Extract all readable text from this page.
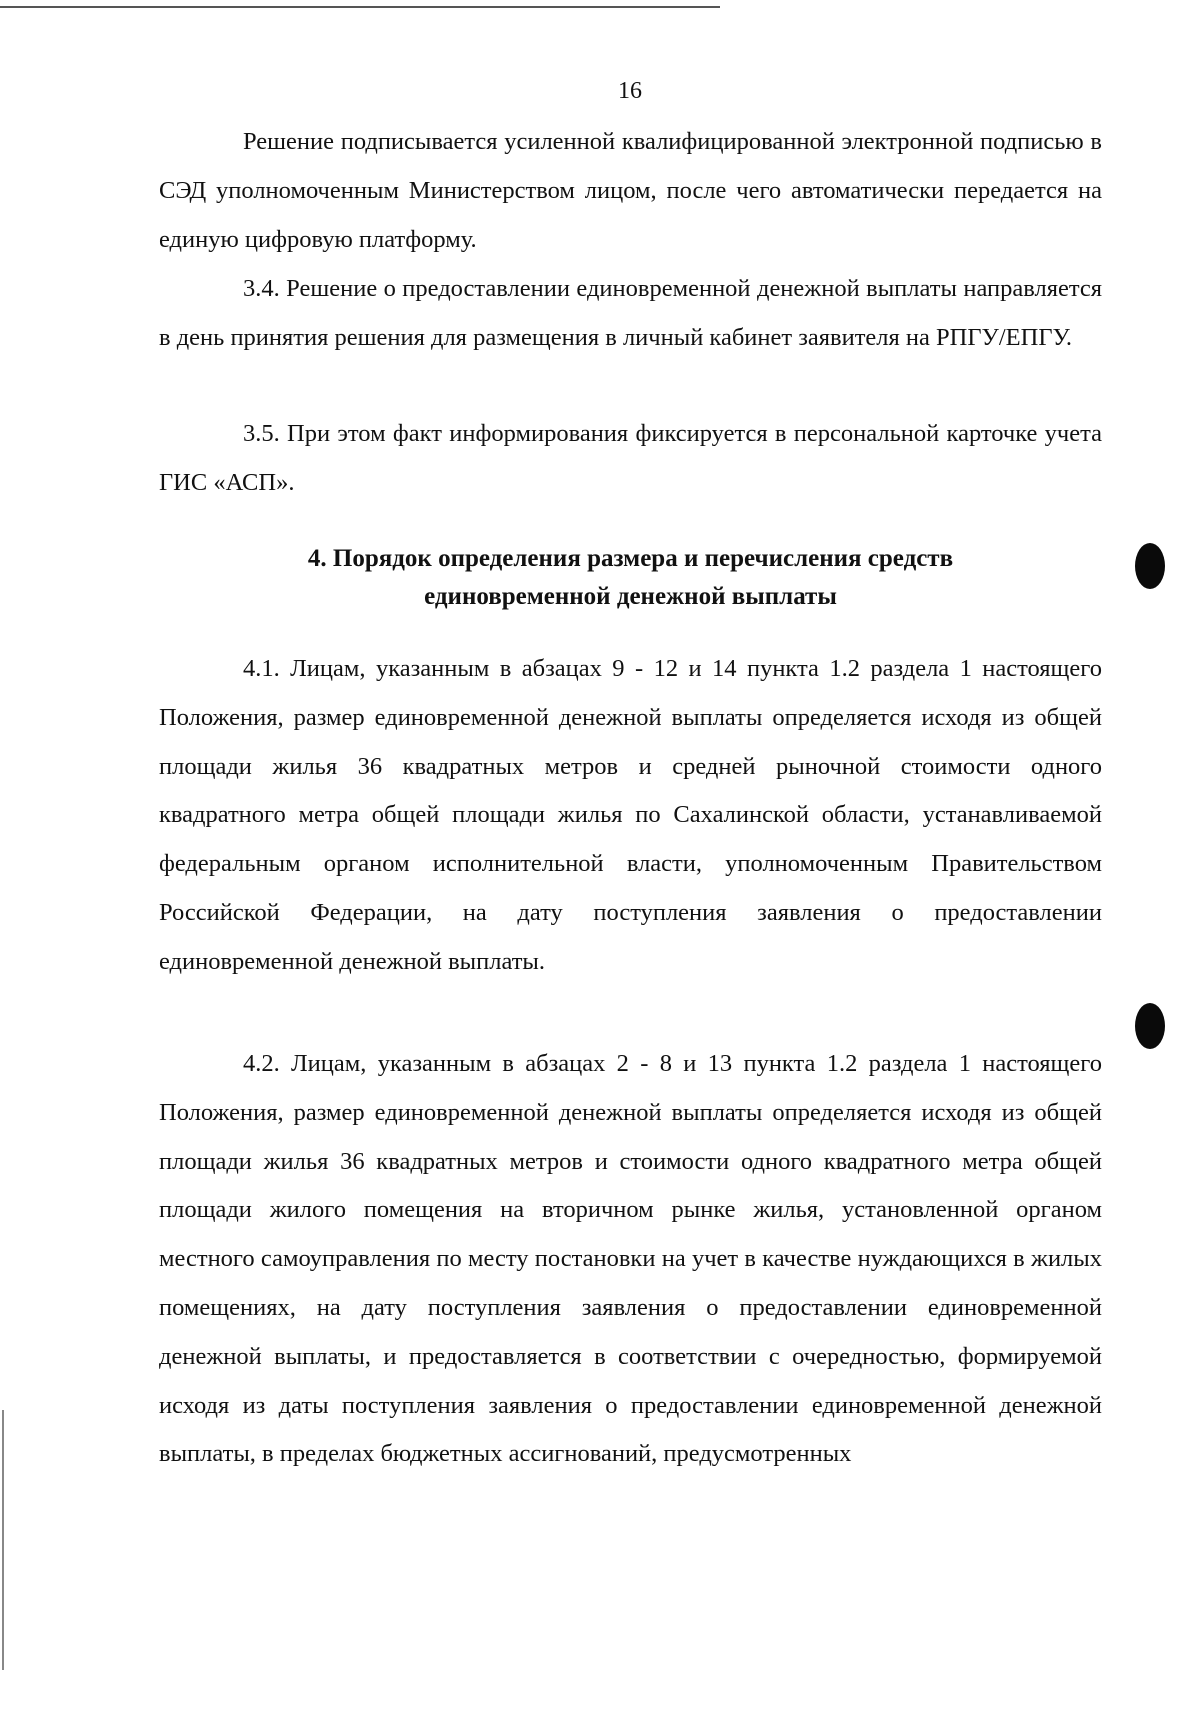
16

Решение подписывается усиленной квалифицированной электронной подписью в СЭД уполномоченным Министерством лицом, после чего автоматически передается на единую цифровую платформу.

3.4. Решение о предоставлении единовременной денежной выплаты направляется в день принятия решения для размещения в личный кабинет заявителя на РПГУ/ЕПГУ.

3.5. При этом факт информирования фиксируется в персональной карточке учета ГИС «АСП».

4. Порядок определения размера и перечисления средств
единовременной денежной выплаты

4.1. Лицам, указанным в абзацах 9 - 12 и 14 пункта 1.2 раздела 1 настоящего Положения, размер единовременной денежной выплаты определяется исходя из общей площади жилья 36 квадратных метров и средней рыночной стоимости одного квадратного метра общей площади жилья по Сахалинской области, устанавливаемой федеральным органом исполнительной власти, уполномоченным Правительством Российской Федерации, на дату поступления заявления о предоставлении единовременной денежной выплаты.

4.2. Лицам, указанным в абзацах 2 - 8 и 13 пункта 1.2 раздела 1 настоящего Положения, размер единовременной денежной выплаты определяется исходя из общей площади жилья 36 квадратных метров и стоимости одного квадратного метра общей площади жилого помещения на вторичном рынке жилья, установленной органом местного самоуправления по месту постановки на учет в качестве нуждающихся в жилых помещениях, на дату поступления заявления о предоставлении единовременной денежной выплаты, и предоставляется в соответствии с очередностью, формируемой исходя из даты поступления заявления о предоставлении единовременной денежной выплаты, в пределах бюджетных ассигнований, предусмотренных
